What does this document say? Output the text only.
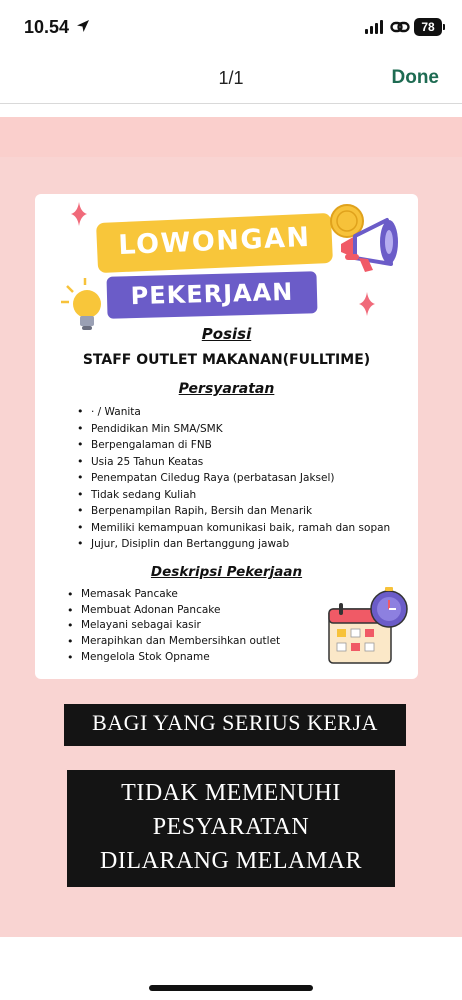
10.54	78
1/1	Done
LOWONGAN
PEKERJAAN
Posisi
STAFF OUTLET MAKANAN(FULLTIME)
Persyaratan
• · / Wanita
• Pendidikan Min SMA/SMK
• Berpengalaman di FNB
• Usia 25 Tahun Keatas
• Penempatan Ciledug Raya (perbatasan Jaksel)
• Tidak sedang Kuliah
• Berpenampilan Rapih, Bersih dan Menarik
• Memiliki kemampuan komunikasi baik, ramah dan sopan
• Jujur, Disiplin dan Bertanggung jawab
Deskripsi Pekerjaan
• Memasak Pancake
• Membuat Adonan Pancake
• Melayani sebagai kasir
• Merapihkan dan Membersihkan outlet
• Mengelola Stok Opname
BAGI YANG SERIUS KERJA
TIDAK MEMENUHI
PESYARATAN
DILARANG MELAMAR
